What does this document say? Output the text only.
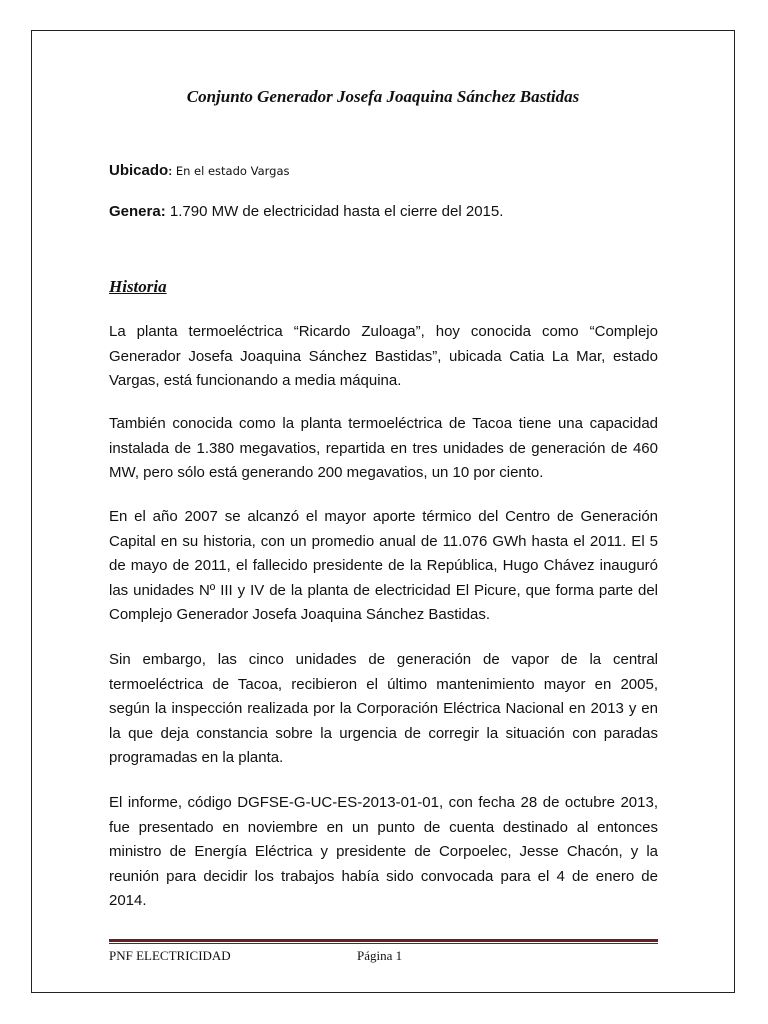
Conjunto Generador Josefa Joaquina Sánchez Bastidas
Ubicado: En el estado Vargas
Genera: 1.790 MW de electricidad hasta el cierre del 2015.
Historia

La planta termoeléctrica “Ricardo Zuloaga”, hoy conocida como “Complejo Generador Josefa Joaquina Sánchez Bastidas”, ubicada Catia La Mar, estado Vargas, está funcionando a media máquina.

También conocida como la planta termoeléctrica de Tacoa tiene una capacidad instalada de 1.380 megavatios, repartida en tres unidades de generación de 460 MW, pero sólo está generando 200 megavatios, un 10 por ciento.

En el año 2007 se alcanzó el mayor aporte térmico del Centro de Generación Capital en su historia, con un promedio anual de 11.076 GWh hasta el 2011. El 5 de mayo de 2011, el fallecido presidente de la República, Hugo Chávez inauguró las unidades Nº III y IV de la planta de electricidad El Picure, que forma parte del Complejo Generador Josefa Joaquina Sánchez Bastidas.

Sin embargo, las cinco unidades de generación de vapor de la central termoeléctrica de Tacoa, recibieron el último mantenimiento mayor en 2005, según la inspección realizada por la Corporación Eléctrica Nacional en 2013 y en la que deja constancia sobre la urgencia de corregir la situación con paradas programadas en la planta.

El informe, código DGFSE-G-UC-ES-2013-01-01, con fecha 28 de octubre 2013, fue presentado en noviembre en un punto de cuenta destinado al entonces ministro de Energía Eléctrica y presidente de Corpoelec, Jesse Chacón, y la reunión para decidir los trabajos había sido convocada para el 4 de enero de 2014.

PNF ELECTRICIDAD	Página 1
